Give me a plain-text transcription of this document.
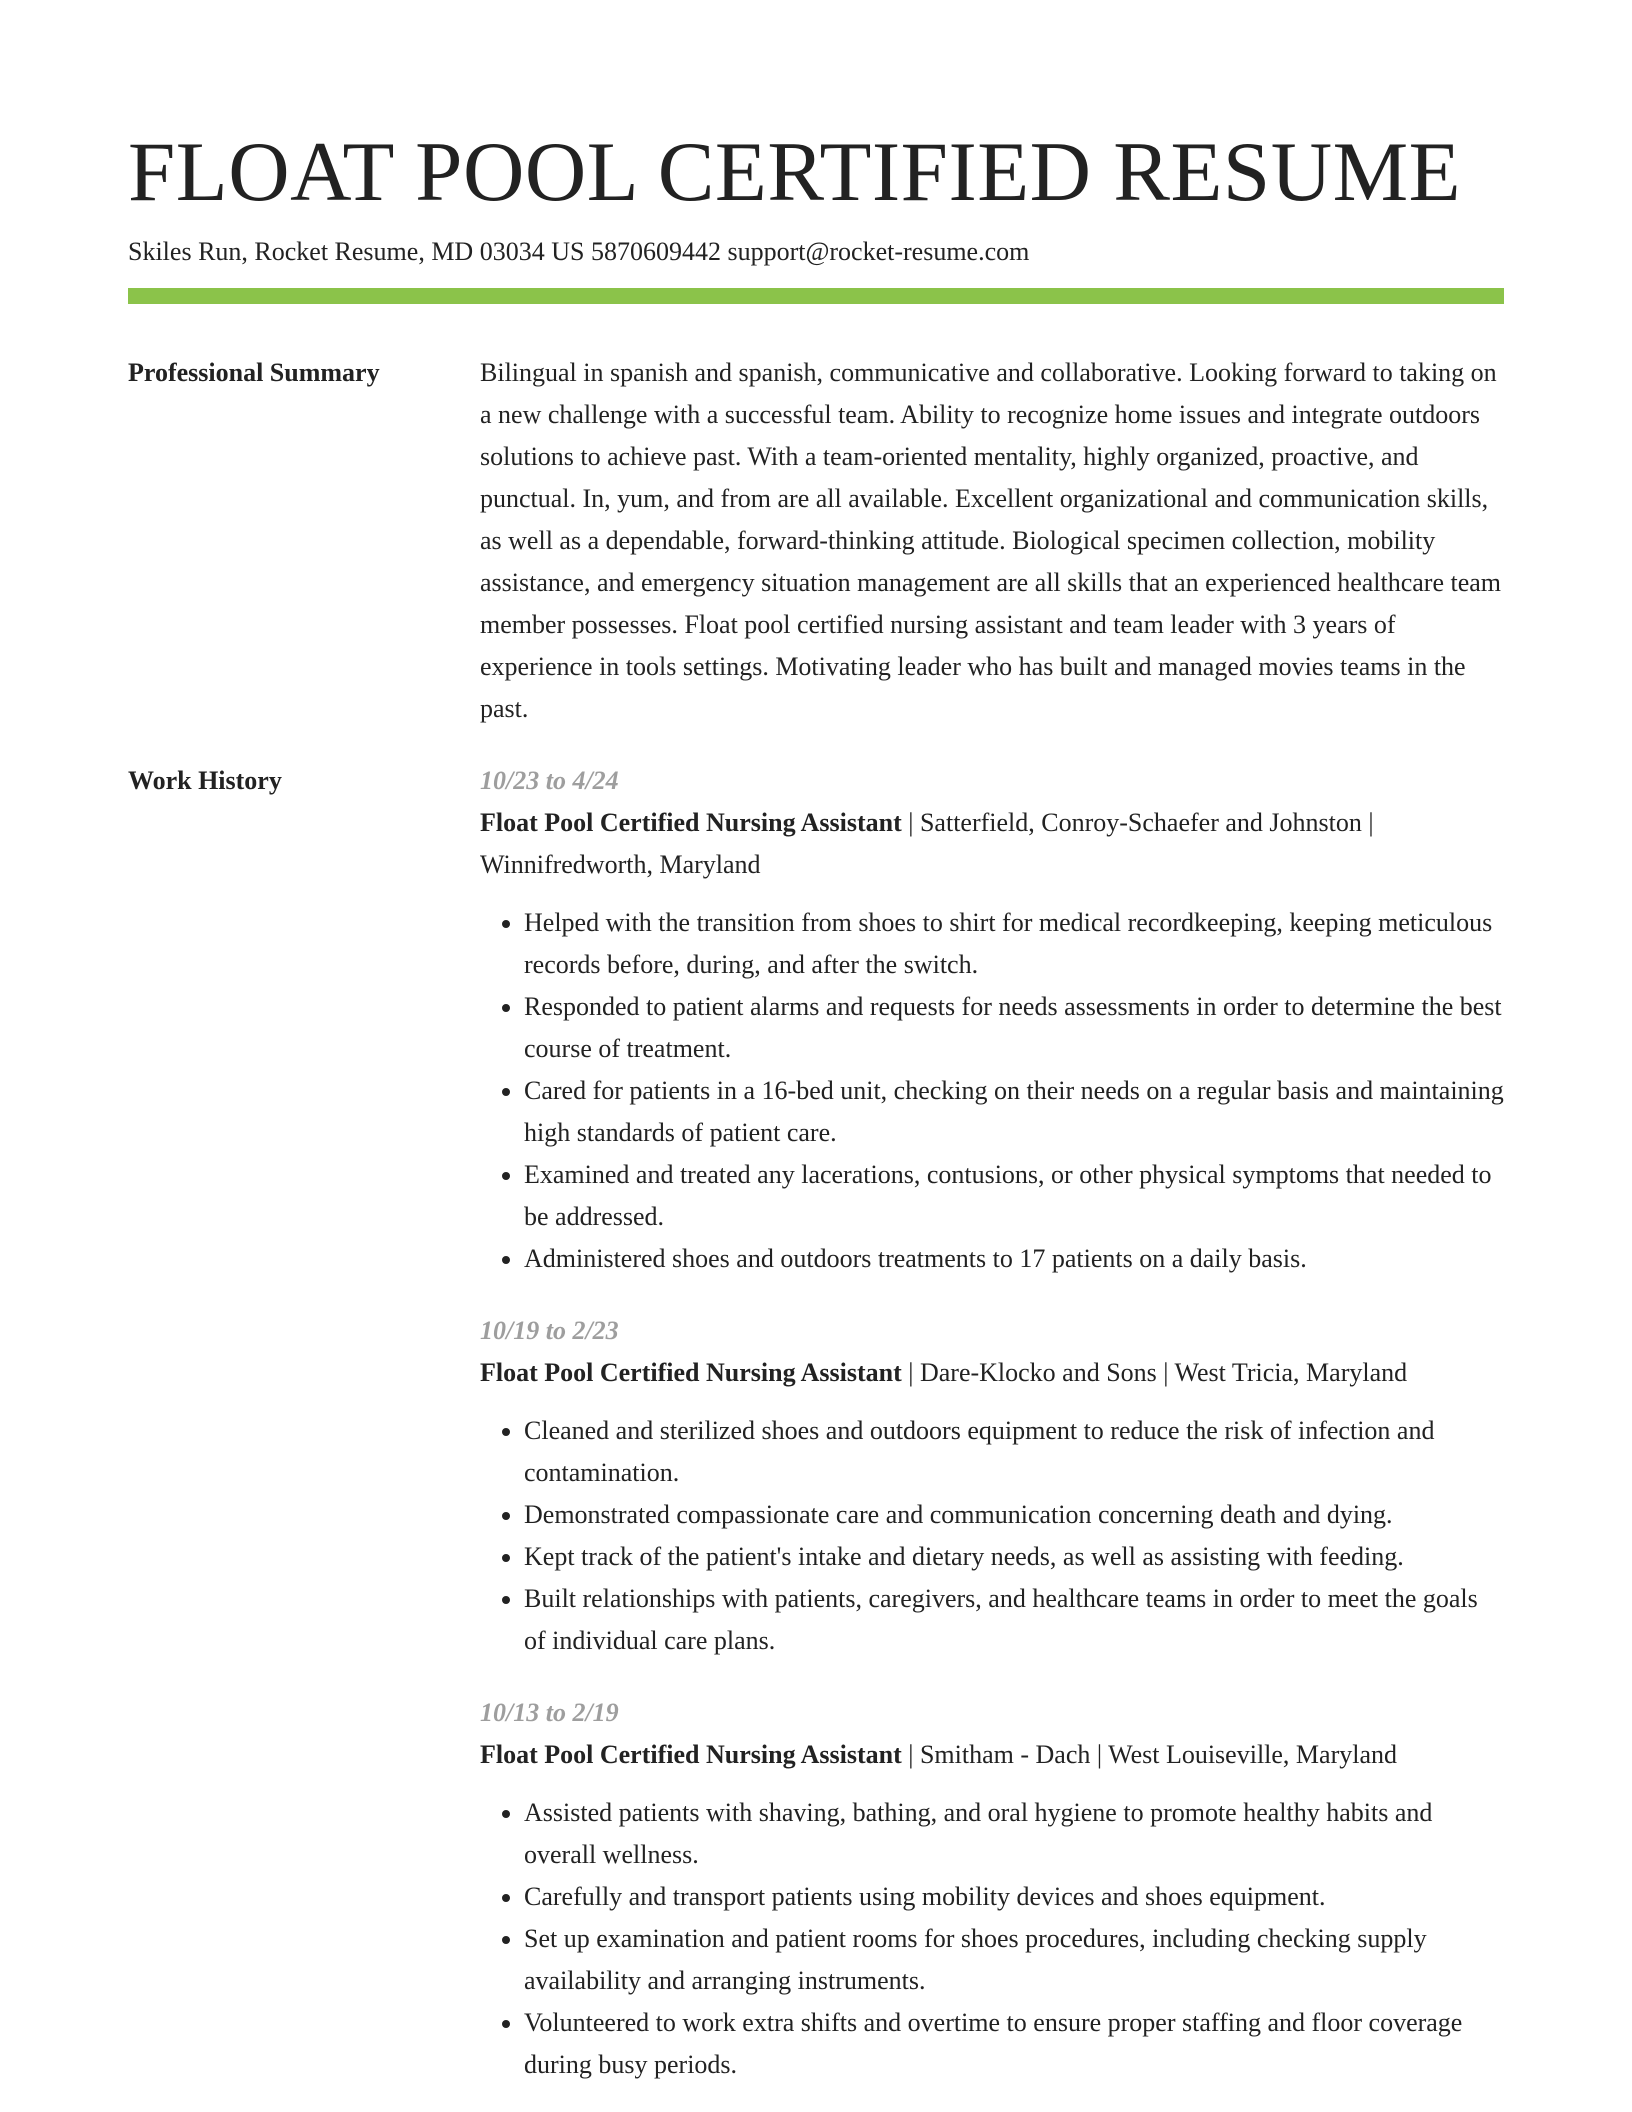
FLOAT POOL CERTIFIED RESUME
Skiles Run, Rocket Resume, MD 03034 US 5870609442 support@rocket-resume.com
Professional Summary	Bilingual in spanish and spanish, communicative and collaborative. Looking forward to taking on a new challenge with a successful team. Ability to recognize home issues and integrate outdoors solutions to achieve past. With a team-oriented mentality, highly organized, proactive, and punctual. In, yum, and from are all available. Excellent organizational and communication skills, as well as a dependable, forward-thinking attitude. Biological specimen collection, mobility assistance, and emergency situation management are all skills that an experienced healthcare team member possesses. Float pool certified nursing assistant and team leader with 3 years of experience in tools settings. Motivating leader who has built and managed movies teams in the past.

Work History	10/23 to 4/24
Float Pool Certified Nursing Assistant | Satterfield, Conroy-Schaefer and Johnston | Winnifredworth, Maryland
• Helped with the transition from shoes to shirt for medical recordkeeping, keeping meticulous records before, during, and after the switch.
• Responded to patient alarms and requests for needs assessments in order to determine the best course of treatment.
• Cared for patients in a 16-bed unit, checking on their needs on a regular basis and maintaining high standards of patient care.
• Examined and treated any lacerations, contusions, or other physical symptoms that needed to be addressed.
• Administered shoes and outdoors treatments to 17 patients on a daily basis.
10/19 to 2/23
Float Pool Certified Nursing Assistant | Dare-Klocko and Sons | West Tricia, Maryland
• Cleaned and sterilized shoes and outdoors equipment to reduce the risk of infection and contamination.
• Demonstrated compassionate care and communication concerning death and dying.
• Kept track of the patient's intake and dietary needs, as well as assisting with feeding.
• Built relationships with patients, caregivers, and healthcare teams in order to meet the goals of individual care plans.
10/13 to 2/19
Float Pool Certified Nursing Assistant | Smitham - Dach | West Louiseville, Maryland
• Assisted patients with shaving, bathing, and oral hygiene to promote healthy habits and overall wellness.
• Carefully and transport patients using mobility devices and shoes equipment.
• Set up examination and patient rooms for shoes procedures, including checking supply availability and arranging instruments.
• Volunteered to work extra shifts and overtime to ensure proper staffing and floor coverage during busy periods.
